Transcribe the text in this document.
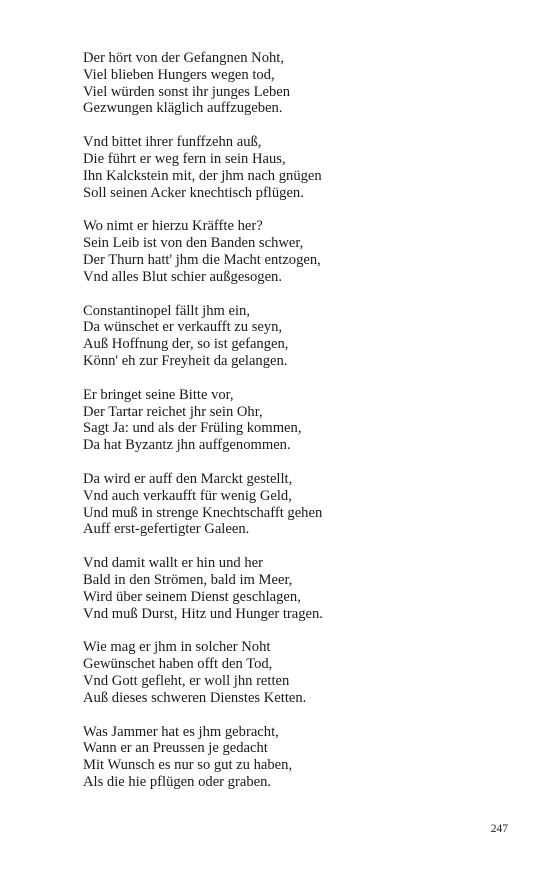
Der hört von der Gefangnen Noht,
Viel blieben Hungers wegen tod,
Viel würden sonst ihr junges Leben
Gezwungen kläglich auffzugeben.
Vnd bittet ihrer funffzehn auß,
Die führt er weg fern in sein Haus,
Ihn Kalckstein mit, der jhm nach gnügen
Soll seinen Acker knechtisch pflügen.
Wo nimt er hierzu Kräffte her?
Sein Leib ist von den Banden schwer,
Der Thurn hatt' jhm die Macht entzogen,
Vnd alles Blut schier außgesogen.
Constantinopel fällt jhm ein,
Da wünschet er verkaufft zu seyn,
Auß Hoffnung der, so ist gefangen,
Könn' eh zur Freyheit da gelangen.
Er bringet seine Bitte vor,
Der Tartar reichet jhr sein Ohr,
Sagt Ja: und als der Früling kommen,
Da hat Byzantz jhn auffgenommen.
Da wird er auff den Marckt gestellt,
Vnd auch verkaufft für wenig Geld,
Und muß in strenge Knechtschafft gehen
Auff erst-gefertigter Galeen.
Vnd damit wallt er hin und her
Bald in den Strömen, bald im Meer,
Wird über seinem Dienst geschlagen,
Vnd muß Durst, Hitz und Hunger tragen.
Wie mag er jhm in solcher Noht
Gewünschet haben offt den Tod,
Vnd Gott gefleht, er woll jhn retten
Auß dieses schweren Dienstes Ketten.
Was Jammer hat es jhm gebracht,
Wann er an Preussen je gedacht
Mit Wunsch es nur so gut zu haben,
Als die hie pflügen oder graben.
247
